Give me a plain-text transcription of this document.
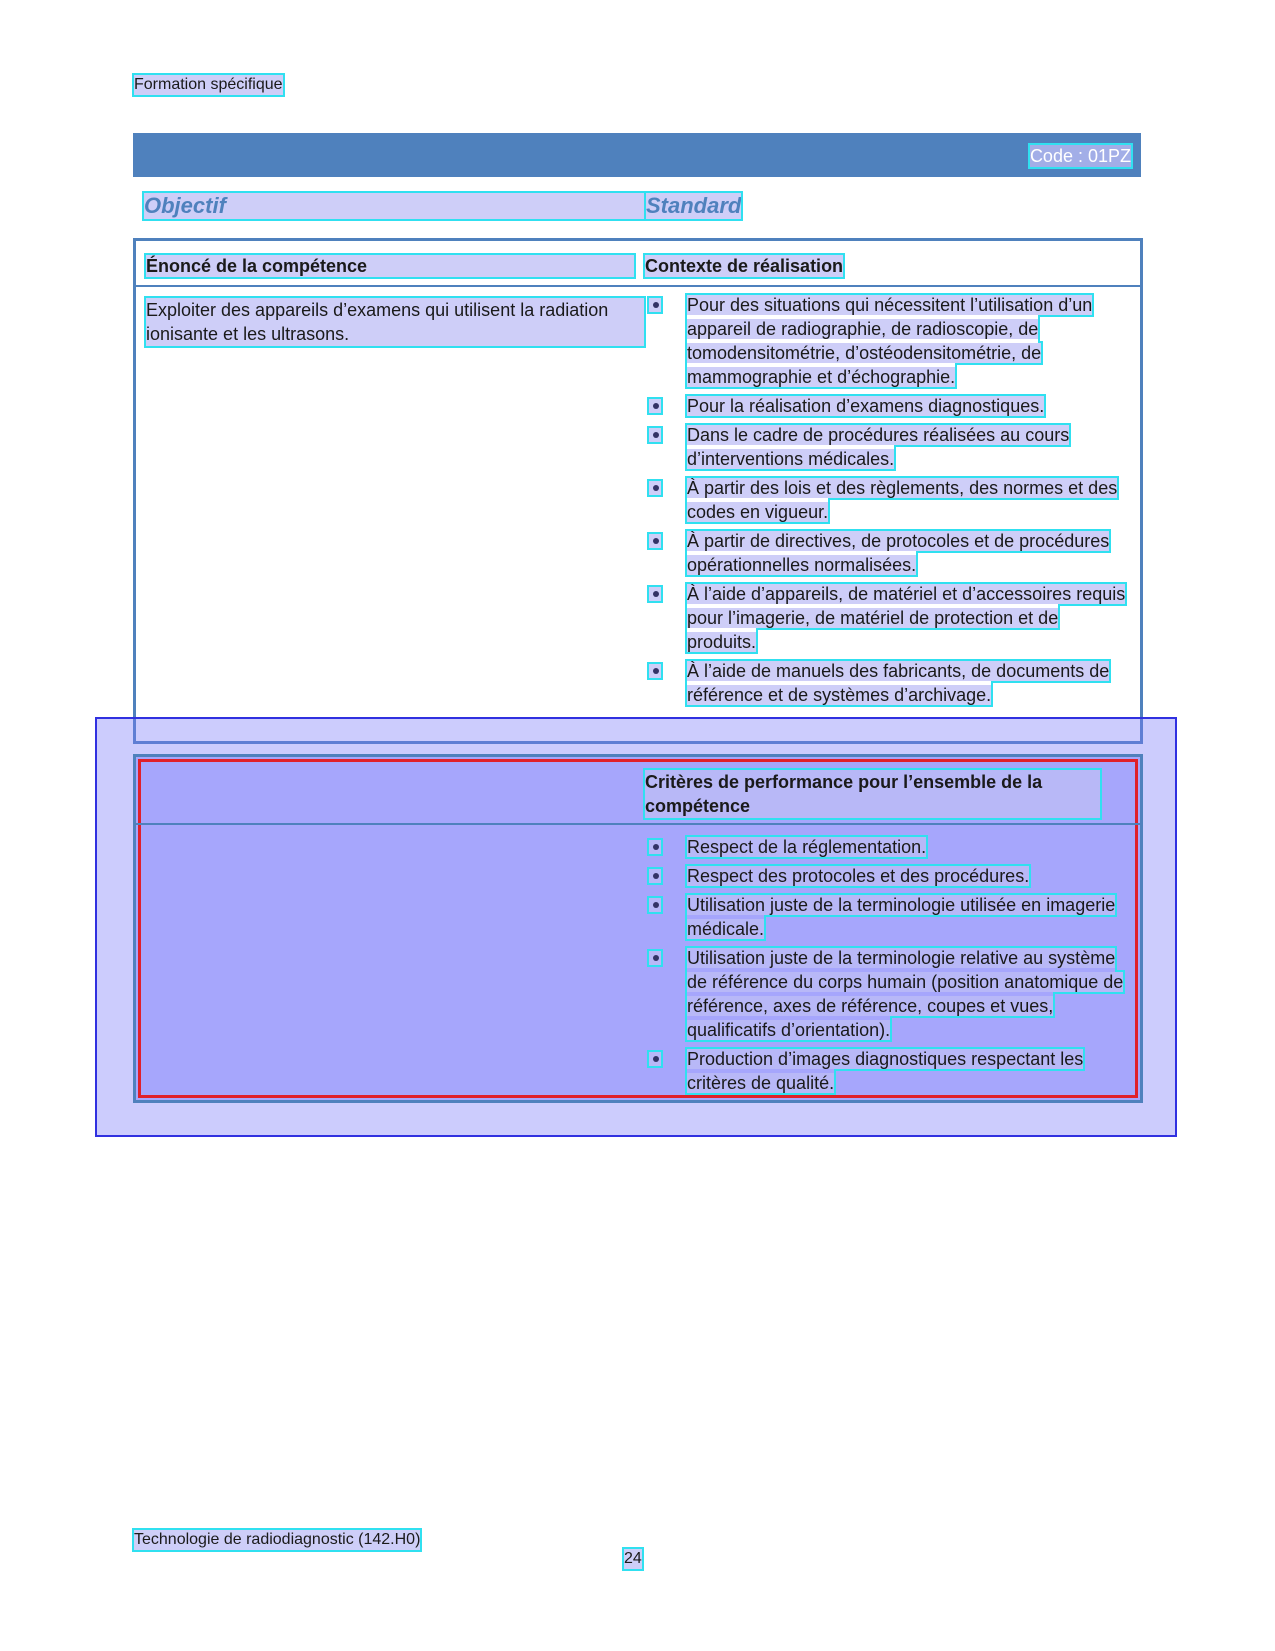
Formation spécifique
Code : 01PZ
Objectif	Standard
Énoncé de la compétence	Contexte de réalisation
Exploiter des appareils d’examens qui utilisent la radiation ionisante et les ultrasons.
Pour des situations qui nécessitent l’utilisation d’un appareil de radiographie, de radioscopie, de tomodensitométrie, d’ostéodensitométrie, de mammographie et d’échographie.
Pour la réalisation d’examens diagnostiques.
Dans le cadre de procédures réalisées au cours d’interventions médicales.
À partir des lois et des règlements, des normes et des codes en vigueur.
À partir de directives, de protocoles et de procédures opérationnelles normalisées.
À l’aide d’appareils, de matériel et d’accessoires requis pour l’imagerie, de matériel de protection et de produits.
À l’aide de manuels des fabricants, de documents de référence et de systèmes d’archivage.
Critères de performance pour l’ensemble de la compétence
Respect de la réglementation.
Respect des protocoles et des procédures.
Utilisation juste de la terminologie utilisée en imagerie médicale.
Utilisation juste de la terminologie relative au système de référence du corps humain (position anatomique de référence, axes de référence, coupes et vues, qualificatifs d’orientation).
Production d’images diagnostiques respectant les critères de qualité.
Technologie de radiodiagnostic (142.H0)
24
